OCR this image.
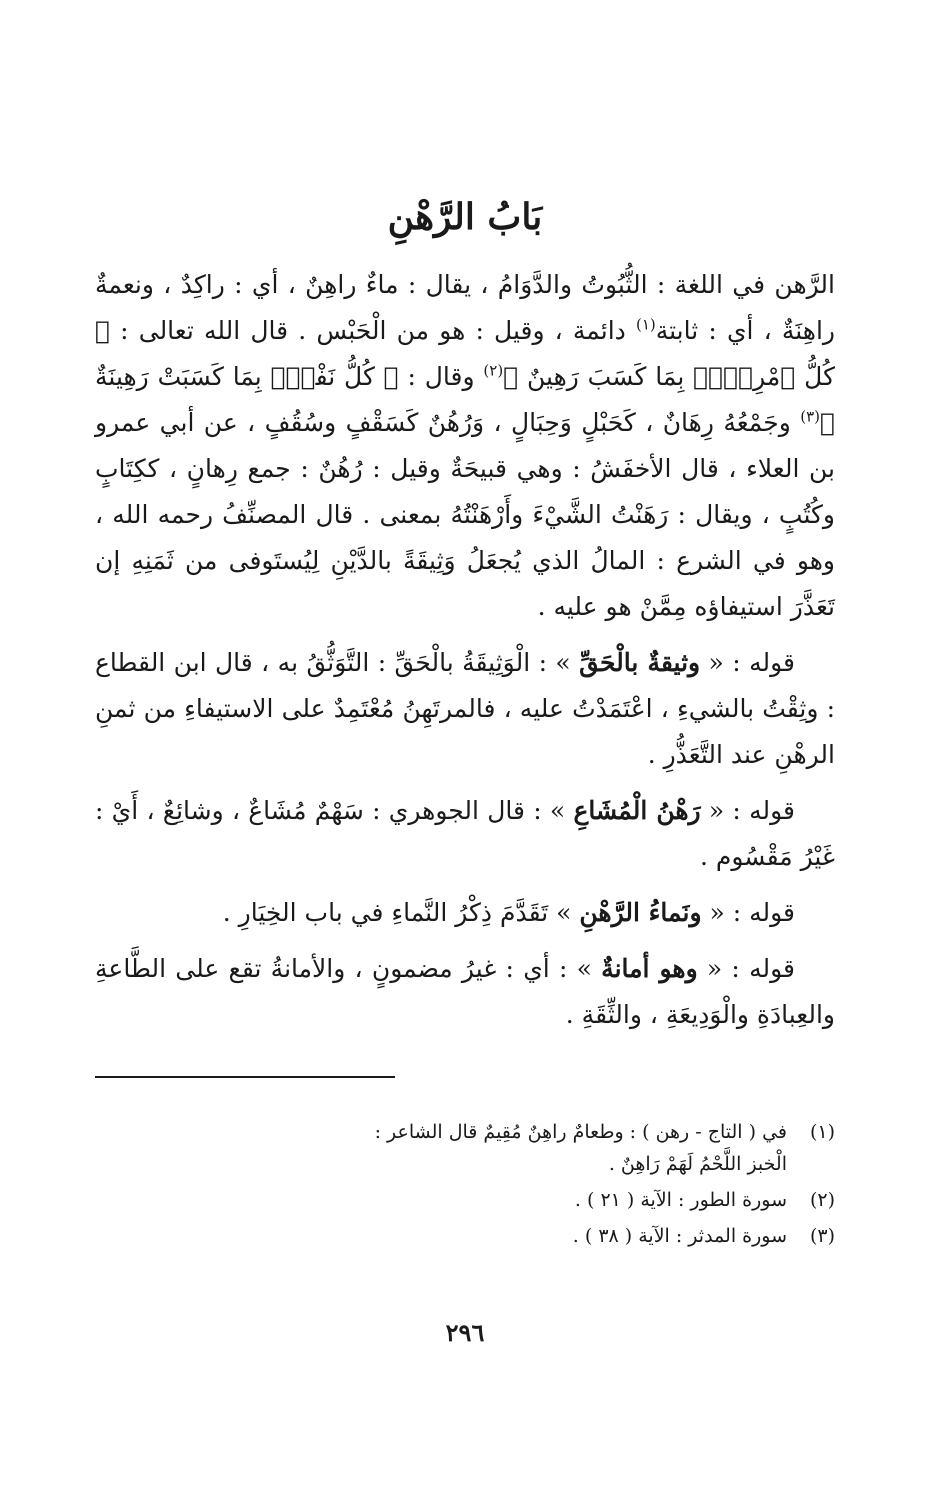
بَابُ الرَّهْنِ

الرَّهن في اللغة : الثُّبُوتُ والدَّوَامُ ، يقال : ماءٌ راهِنٌ ، أي : راكِدٌ ، ونعمةٌ راهِنَةٌ ، أي : ثابتة$^{(١)}$ دائمة ، وقيل : هو من الْحَبْس . قال الله تعالى : ﴿ كُلُّ ٱمْرِيِٕۭ بِمَا كَسَبَ رَهِينٌ ﴾$^{(٢)}$ وقال : ﴿ كُلُّ نَفْسٍۭ بِمَا كَسَبَتْ رَهِينَةٌ ﴾$^{(٣)}$ وجَمْعُهُ رِهَانٌ ، كَحَبْلٍ وَحِبَالٍ ، وَرُهُنٌ كَسَقْفٍ وسُقُفٍ ، عن أبي عمرو بن العلاء ، قال الأخفَشُ : وهي قبيحَةٌ وقيل : رُهُنٌ : جمع رِهانٍ ، ككِتَابٍ وكُتُبٍ ، ويقال : رَهَنْتُ الشَّيْءَ وأَرْهَنْتُهُ بمعنى . قال المصنِّفُ رحمه الله ، وهو في الشرع : المالُ الذي يُجعَلُ وَثِيقَةً بالدَّيْنِ لِيُستَوفى من ثَمَنِهِ إن تَعَذَّرَ استيفاؤه مِمَّنْ هو عليه .

قوله : « وثيقةٌ بالْحَقِّ » : الْوَثِيقَةُ بالْحَقِّ : التَّوَثُّقُ به ، قال ابن القطاع : وثِقْتُ بالشيءِ ، اعْتَمَدْتُ عليه ، فالمرتَهِنُ مُعْتَمِدٌ على الاستيفاءِ من ثمنِ الرهْنِ عند التَّعَذُّرِ .

قوله : « رَهْنُ الْمُشَاعِ » : قال الجوهري : سَهْمٌ مُشَاعٌ ، وشائِعٌ ، أَيْ : غَيْرُ مَقْسُوم .

قوله : « ونَماءُ الرَّهْنِ » تَقَدَّمَ ذِكْرُ النَّماءِ في باب الخِيَارِ .

قوله : « وهو أمانةٌ » : أي : غيرُ مضمونٍ ، والأمانةُ تقع على الطَّاعةِ والعِبادَةِ والْوَدِيعَةِ ، والثِّقَةِ .

(١)
في ( التاج - رهن ) : وطعامٌ راهِنٌ مُقِيمٌ قال الشاعر :
الْخبز اللَّحْمُ لَهَمْ رَاهِنٌ .
(٢)
سورة الطور : الآية ( ٢١ ) .
(٣)
سورة المدثر : الآية ( ٣٨ ) .
٢٩٦
